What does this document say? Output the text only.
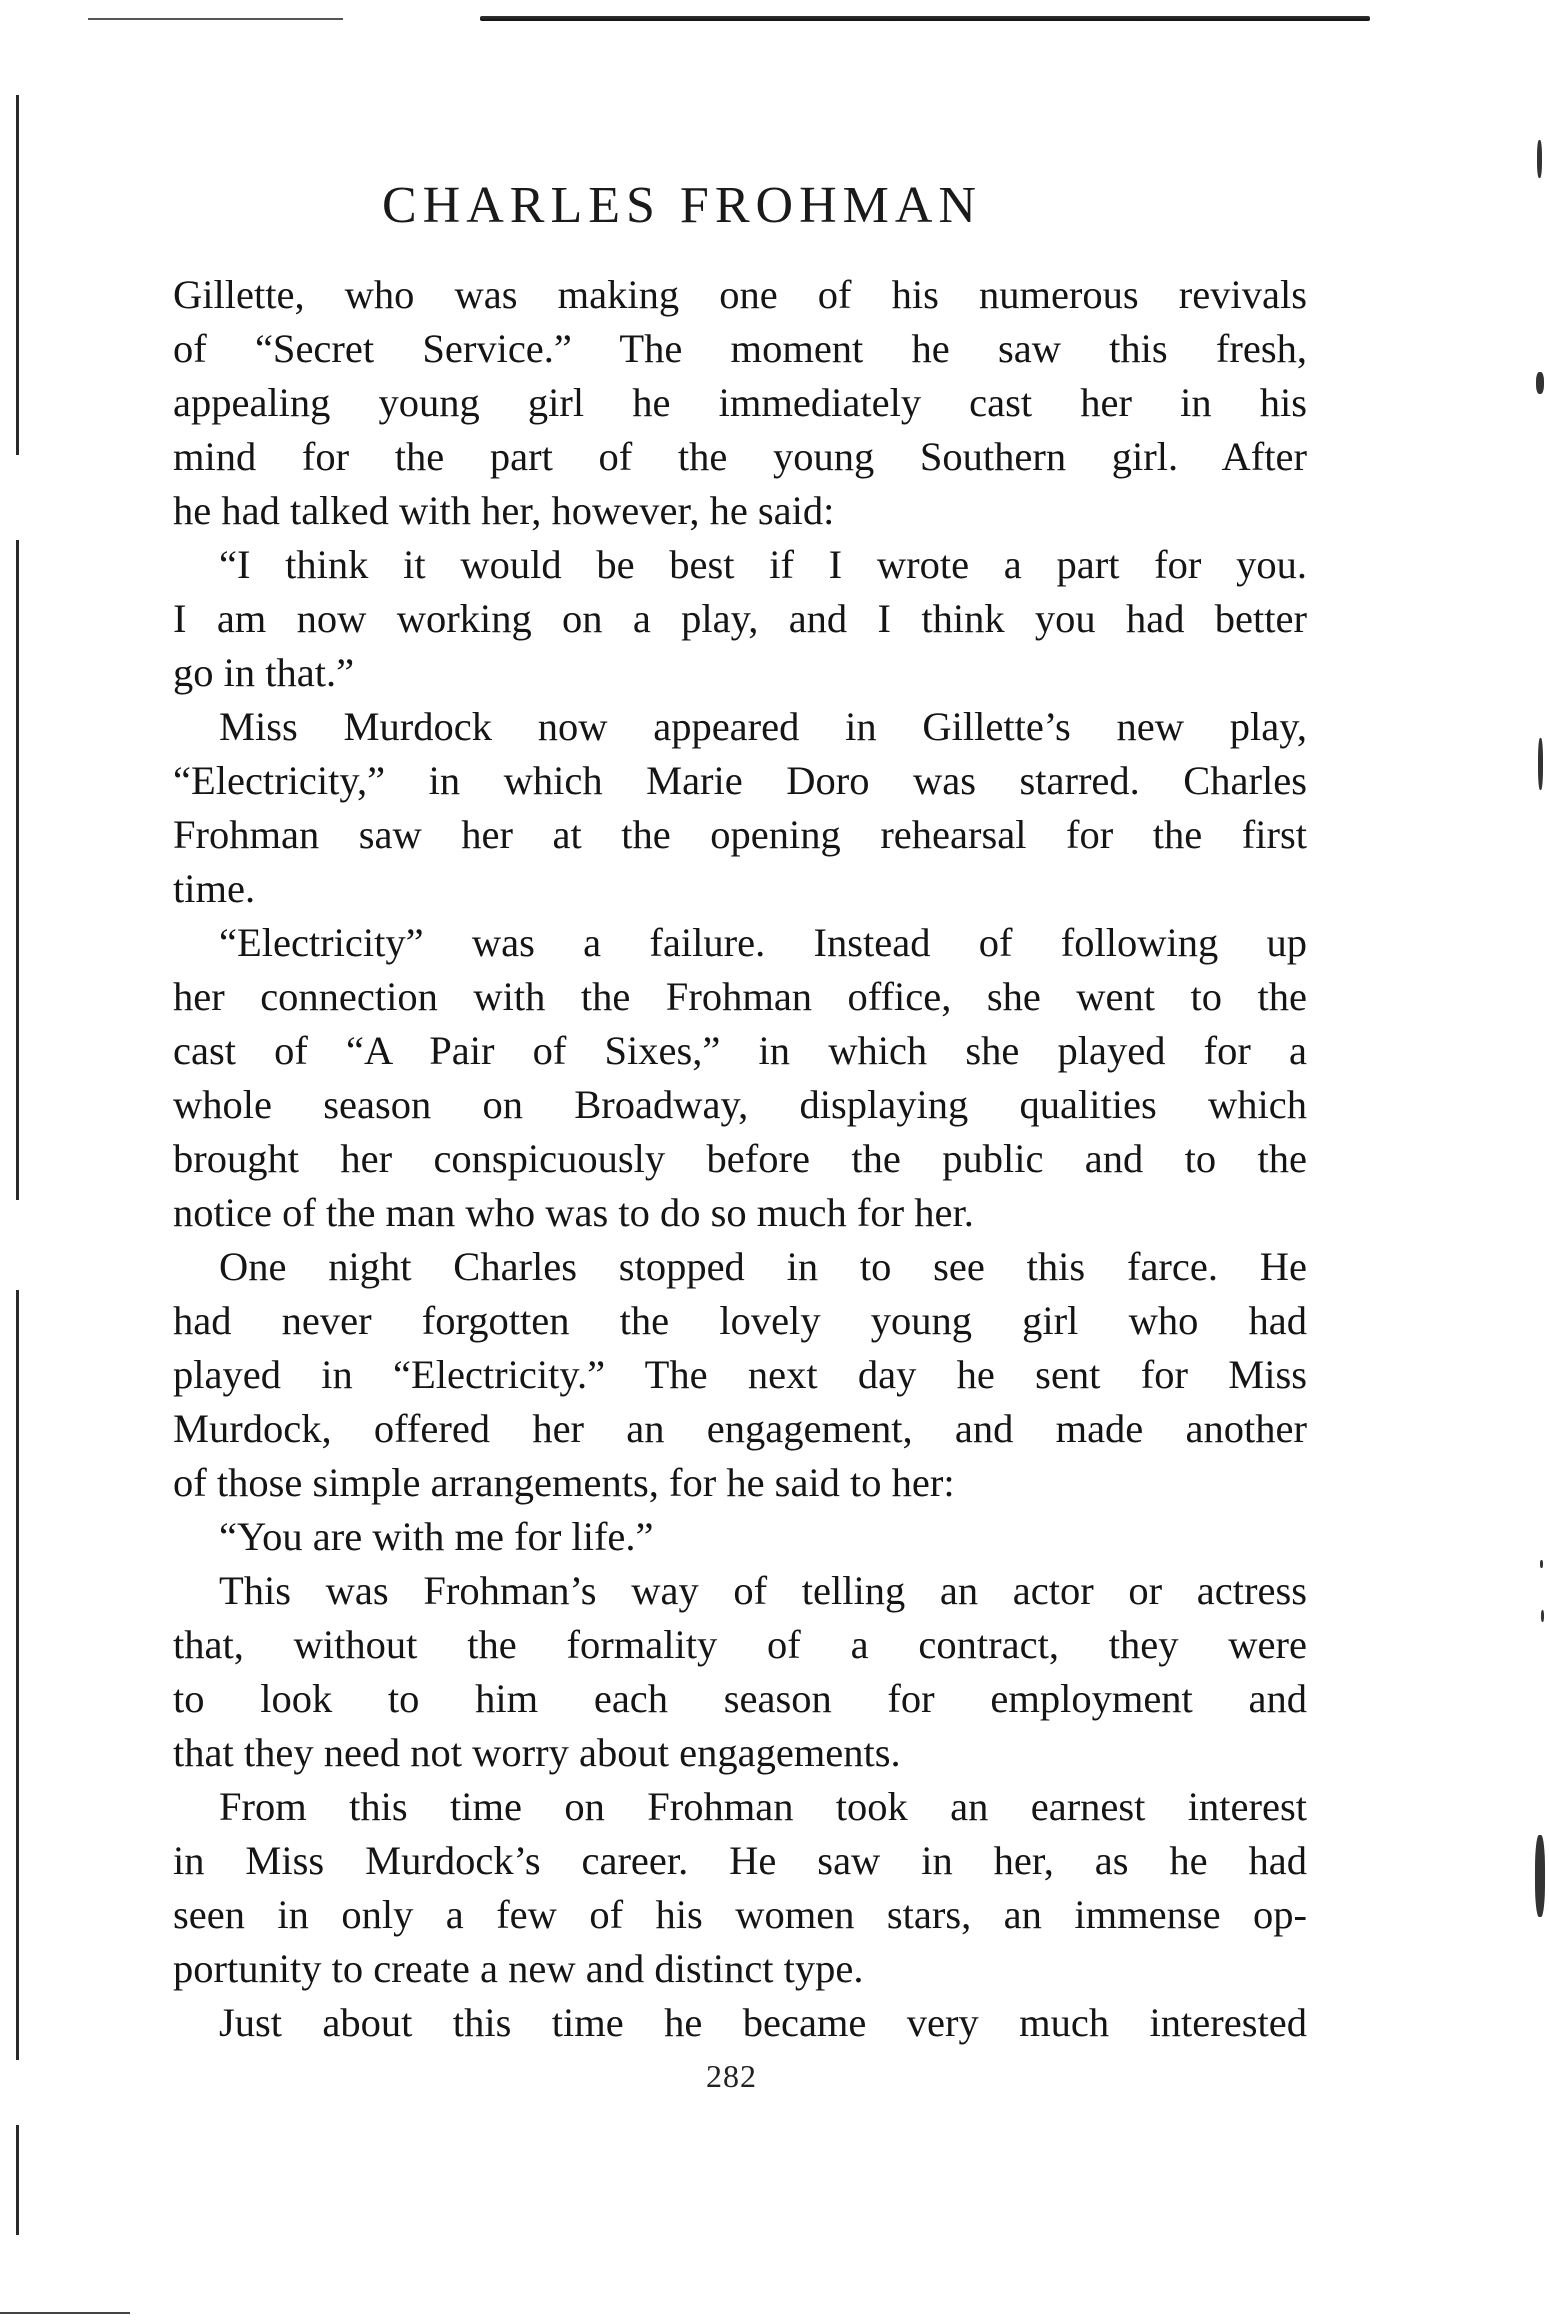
CHARLES FROHMAN
Gillette, who was making one of his numerous revivals
of “Secret Service.” The moment he saw this fresh,
appealing young girl he immediately cast her in his
mind for the part of the young Southern girl. After
he had talked with her, however, he said:
“I think it would be best if I wrote a part for you.
I am now working on a play, and I think you had better
go in that.”
Miss Murdock now appeared in Gillette’s new play,
“Electricity,” in which Marie Doro was starred. Charles
Frohman saw her at the opening rehearsal for the first
time.
“Electricity” was a failure. Instead of following up
her connection with the Frohman office, she went to the
cast of “A Pair of Sixes,” in which she played for a
whole season on Broadway, displaying qualities which
brought her conspicuously before the public and to the
notice of the man who was to do so much for her.
One night Charles stopped in to see this farce. He
had never forgotten the lovely young girl who had
played in “Electricity.” The next day he sent for Miss
Murdock, offered her an engagement, and made another
of those simple arrangements, for he said to her:
“You are with me for life.”
This was Frohman’s way of telling an actor or actress
that, without the formality of a contract, they were
to look to him each season for employment and
that they need not worry about engagements.
From this time on Frohman took an earnest interest
in Miss Murdock’s career. He saw in her, as he had
seen in only a few of his women stars, an immense op-
portunity to create a new and distinct type.
Just about this time he became very much interested
282
